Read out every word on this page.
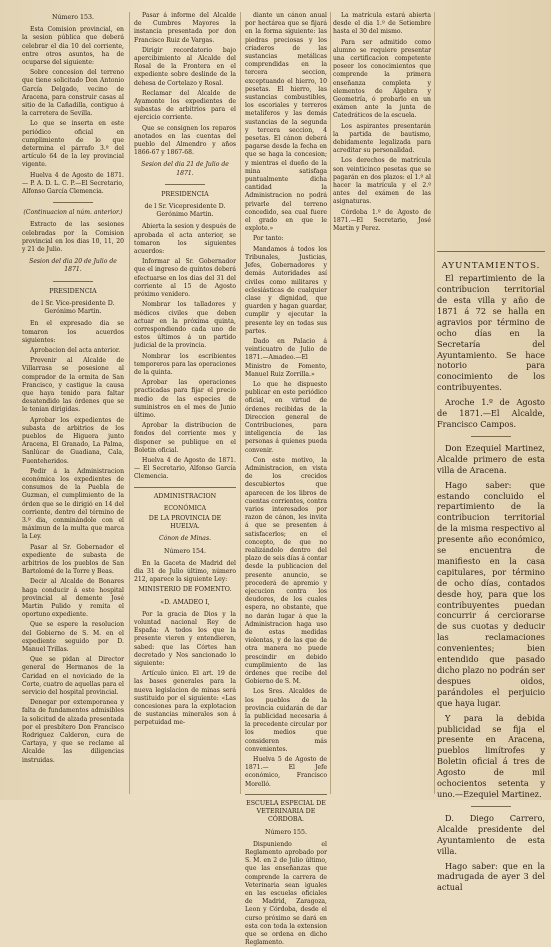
Número 153.

Esta Comision provincial, en la sesion pública que deberá celebrar el dia 10 del corriente, entre otros asuntos, ha de ocuparse del siguiente:

Sobre concesion del terreno que tiene solicitado Don Antonio García Delgado, vecino de Aracena, para construir casas al sitio de la Cañadilla, contiguo á la carretera de Sevilla.

Lo que se inserta en este periódico oficial en cumplimiento de lo que determina el párrafo 3.º del artículo 64 de la ley provincial vigente.

Huelva 4 de Agosto de 1871.— P. A. D. L. C. P.—El Secretario, Alfonso García Clemencia.

(Continuacion al núm. anterior.)

Extracto de las sesiones celebradas por la Comision provincial en los dias 10, 11, 20 y 21 de Julio.

Sesion del dia 20 de Julio de 1871.

PRESIDENCIA

de l Sr. Vice-presidente D. Gerónimo Martin.

En el expresado dia se tomaron los acuerdos siguientes:

Aprobacion del acta anterior.

Prevenir al Alcalde de Villarrasa se posesione al comprador de la ermita de San Francisco, y castigue la causa que haya tenido para faltar desatendido las órdenes que se le tenian dirigidas.

Aprobar los expedientes de subasta de arbitrios de los pueblos de Higuera junto Aracena, El Granado, La Palma, Sanlúcar de Guadiana, Cala, Fuenteheridos.

Pedir á la Administracion económica los expedientes de consumos de la Puebla de Guzman, el cumplimiento de la órden que se le dirigió en 14 del corriente, dentro del término de 3.º dia, conminándole con el máximun de la multa que marca la Ley.

Pasar al Sr. Gobernador el expediente de subasta de arbitrios de los pueblos de San Bartolomé de la Torre y Beas.

Decir al Alcalde de Bonares haga conducir á este hospital provincial al demente José Martin Pulido y remita el oportuno expediente.

Que se espere la resolucion del Gobierno de S. M. en el expediente seguido por D. Manuel Trillas.

Que se pidan al Director general de Hermanos de la Caridad en el noviciado de la Corte, cuatro de aquellas para el servicio del hospital provincial.

Denegar por extemporanea y falta de fundamentos admisibles la solicitud de alzada presentada por el presbítero Don Francisco Rodriguez Calderon, cura de Cartaya, y que se reclame al Alcalde las diligencias instruidas.

Pasar á informe del Alcalde de Cumbres Mayores la instancia presentada por don Francisco Ruiz de Vargas.

Dirigir recordatorio bajo apercibimiento al Alcalde del Rosal de la Frontera en el expediente sobre deslinde de la dehesa de Cortelazo y Rosal.

Reclamar del Alcalde de Ayamonte los expedientes de subastas de arbitrios para el ejercicio corriente.

Que se consignen los reparos anotados en las cuentas del pueblo del Almendro y años 1866-67 y 1867-68.

Sesion del dia 21 de Julio de 1871.

PRESIDENCIA

de l Sr. Vicepresidente D. Gerónimo Martin.

Abierta la sesion y después de aprobada el acta anterior, se tomaron los siguientes acuerdos:

Informar al Sr. Gobernador que el ingreso de quintos deberá efectuarse en los dias del 31 del corriente al 15 de Agosto próximo venidero.

Nombrar los talladores y médicos civiles que deben actuar en la próxima quinta, correspondiendo cada uno de estos últimos á un partido judicial de la provincia.

Nombrar los escribientes temporeros para las operaciones de la quinta.

Aprobar las operaciones practicadas para fijar el precio medio de las especies de suministros en el mes de Junio último.

Aprobar la distribucion de fondos del corriente mes y disponer se publique en el Boletin oficial.

Huelva 4 de Agosto de 1871.— El Secretario, Alfonso García Clemencia.

ADMINISTRACION

ECONÓMICA

DE LA PROVINCIA DE HUELVA.

Cónon de Minas.

Número 154.

En la Gaceta de Madrid del dia 31 de Julio último, número 212, aparece la siguiente Ley:

MINISTERIO DE FOMENTO.

«D. AMADEO I,

Por la gracia de Dios y la voluntad nacional Rey de España: A todos los que la presente vieren y entendieren, sabed: que las Córtes han decretado y Nos sancionado lo siguiente:

Artículo único. El art. 19 de las bases generales para la nueva legislacion de minas será sustituido por el siguiente: «Las concesiones para la explotacion de sustancias minerales son á perpetuidad me-

diante un cánon anual por hectárea que se fijará en la forma siguiente: las piedras preciosas y los criaderos de las sustancias metálicas comprendidas en la tercera seccion, exceptuando el hierro, 10 pesetas. El hierro, las sustancias combustibles, los escoriales y terreros metalíferos y las demás sustancias de la segunda y tercera seccion, 4 pesetas. El cánon deberá pagarse desde la fecha en que se haga la concesion; y mientras el dueño de la mina satisfaga puntualmente dicha cantidad la Administracion no podrá privarle del terreno concedido, sea cual fuere el grado en que le explote.»

Por tanto:

Mandamos á todos los Tribunales, Justicias, Jefes, Gobernadores y demás Autoridades así civiles como militares y eclesiásticas de cualquier clase y dignidad, que guarden y hagan guardar, cumplir y ejecutar la presente ley en todas sus partes.

Dado en Palacio á veinticuatro de Julio de 1871.—Amadeo.—El Ministro de Fomento, Manuel Ruiz Zorrilla.»

Lo que he dispuesto publicar en este periódico oficial, en virtud de órdenes recibidas de la Direccion general de Contribuciones, para inteligencia de las personas á quienes pueda convenir.

Con este motivo, la Administracion, en vista de los crecidos descubiertos que aparecen de los libros de cuentas corrientes, contra varios interesados por razon de cánon, les invita á que se presenten á satisfacerlos; en el concepto, de que no realizándolo dentro del plazo de seis días á contar desde la publicacion del presente anuncio, se procederá de apremio y ejecucion contra los deudores, de los cuales espera, no obstante, que no darán lugar á que la Administracion haga uso de estas medidas violentas, y de las que de otra manera no puede prescindir en debido cumplimiento de las órdenes que recibe del Gobierno de S. M.

Los Sres. Alcaldes de los pueblos de la provincia cuidarán de dar la publicidad necesaria á la precedente circular por los medios que consideren más convenientes.

Huelva 5 de Agosto de 1871.— El Jefe económico, Francisco Morelló.

ESCUELA ESPECIAL DE VETERINARIA DE CÓRDOBA.

Número 155.

Dispuniendo el Reglamento aprobado por S. M. en 2 de Julio último, que las enseñanzas que comprende la carrera de Veterinaria sean iguales en las escuelas oficiales de Madrid, Zaragoza, Leon y Córdoba, desde el curso próximo se dará en esta con toda la extension que se ordena en dicho Reglamento.

La matrícula estará abierta desde el dia 1.º de Setiembre hasta el 30 del mismo.

Para ser admitido como alumno se requiere presentar una certificacion competente poseer los conocimientos que comprende la primera enseñanza completa y elementos de Álgebra y Geometría, ó probarlo en un exámen ante la junta de Catedráticos de la escuela.

Los aspirantes presentarán la partida de bautismo, debidamente legalizada para acreditar su personalidad.

Los derechos de matrícula son veinticinco pesetas que se pagarán en dos plazos: el 1.º al hacer la matrícula y el 2.º antes del exámen de las asignaturas.

Córdoba 1.º de Agosto de 1871.—El Secretario, José Martin y Perez.

AYUNTAMIENTOS.

El repartimiento de la contribucion territorial de esta villa y año de 1871 á 72 se halla en agravios por término de ocho días en la Secretaría del Ayuntamiento. Se hace notorio para conocimiento de los contribuyentes.

Aroche 1.º de Agosto de 1871.—El Alcalde, Francisco Campos.

Don Ezequiel Martinez, Alcalde primero de esta villa de Aracena.

Hago saber: que estando concluido el repartimiento de la contribucion territorial de la misma respectivo al presente año económico, se encuentra de manifiesto en la casa capitulares, por término de ocho días, contados desde hoy, para que los contribuyentes puedan concurrir á cerciorarse de sus cuotas y deducir las reclamaciones convenientes; bien entendido que pasado dicho plazo no podrán ser despues oidos, parándoles el perjuicio que haya lugar.

Y para la debida publicidad se fija el presente en Aracena, pueblos limítrofes y Boletin oficial á tres de Agosto de mil ochocientos setenta y uno.—Ezequiel Martinez.

D. Diego Carrero, Alcalde presidente del Ayuntamiento de esta villa.

Hago saber: que en la madrugada de ayer 3 del actual
